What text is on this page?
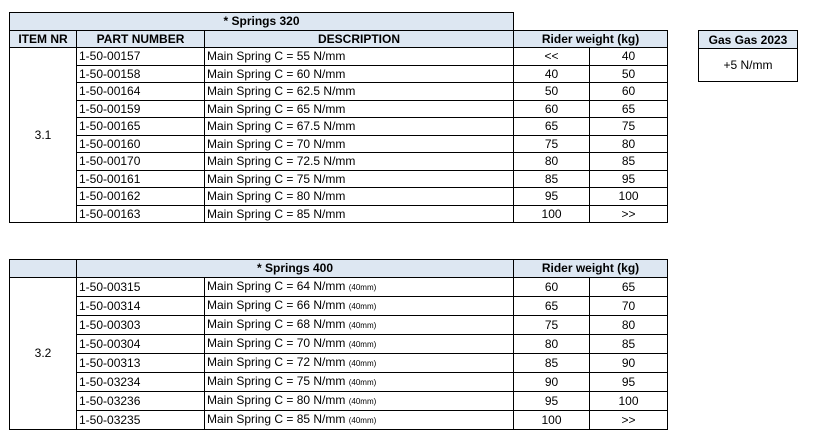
* Springs 320				
ITEM NR	PART NUMBER	DESCRIPTION	Rider weight (kg)	
3.1	1-50-00157	Main Spring C = 55 N/mm	<<	40
	1-50-00158	Main Spring C = 60 N/mm	40	50
	1-50-00164	Main Spring C = 62.5 N/mm	50	60
	1-50-00159	Main Spring C = 65 N/mm	60	65
	1-50-00165	Main Spring C = 67.5 N/mm	65	75
	1-50-00160	Main Spring C = 70 N/mm	75	80
	1-50-00170	Main Spring C = 72.5 N/mm	80	85
	1-50-00161	Main Spring C = 75 N/mm	85	95
	1-50-00162	Main Spring C = 80 N/mm	95	100
	1-50-00163	Main Spring C = 85 N/mm	100	>>
Gas Gas 2023
+5 N/mm
	* Springs 400		Rider weight (kg)	
3.2	1-50-00315	Main Spring C = 64 N/mm (40mm)	60	65
	1-50-00314	Main Spring C = 66 N/mm (40mm)	65	70
	1-50-00303	Main Spring C = 68 N/mm (40mm)	75	80
	1-50-00304	Main Spring C = 70 N/mm (40mm)	80	85
	1-50-00313	Main Spring C = 72 N/mm (40mm)	85	90
	1-50-03234	Main Spring C = 75 N/mm (40mm)	90	95
	1-50-03236	Main Spring C = 80 N/mm (40mm)	95	100
	1-50-03235	Main Spring C = 85 N/mm (40mm)	100	>>
